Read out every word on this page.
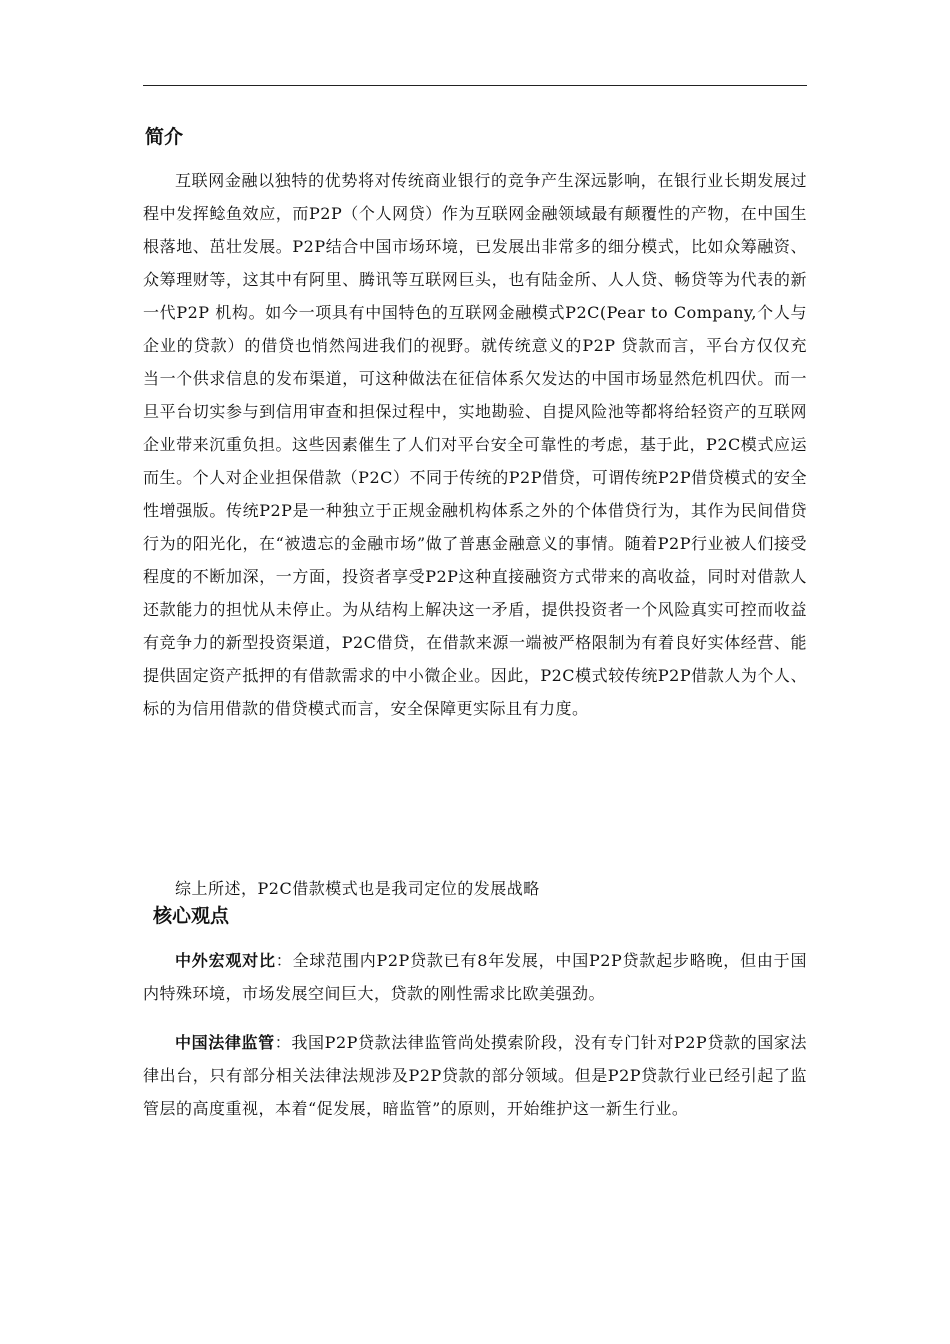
简介

互联网金融以独特的优势将对传统商业银行的竞争产生深远影响，在银行业长期发展过程中发挥鲶鱼效应，而P2P（个人网贷）作为互联网金融领域最有颠覆性的产物，在中国生根落地、茁壮发展。P2P结合中国市场环境，已发展出非常多的细分模式，比如众筹融资、众筹理财等，这其中有阿里、腾讯等互联网巨头，也有陆金所、人人贷、畅贷等为代表的新一代P2P 机构。如今一项具有中国特色的互联网金融模式P2C(Pear to Company,个人与企业的贷款）的借贷也悄然闯进我们的视野。就传统意义的P2P 贷款而言，平台方仅仅充当一个供求信息的发布渠道，可这种做法在征信体系欠发达的中国市场显然危机四伏。而一旦平台切实参与到信用审查和担保过程中，实地勘验、自提风险池等都将给轻资产的互联网企业带来沉重负担。这些因素催生了人们对平台安全可靠性的考虑，基于此，P2C模式应运而生。个人对企业担保借款（P2C）不同于传统的P2P借贷，可谓传统P2P借贷模式的安全性增强版。传统P2P是一种独立于正规金融机构体系之外的个体借贷行为，其作为民间借贷行为的阳光化，在“被遗忘的金融市场”做了普惠金融意义的事情。随着P2P行业被人们接受程度的不断加深，一方面，投资者享受P2P这种直接融资方式带来的高收益，同时对借款人还款能力的担忧从未停止。为从结构上解决这一矛盾，提供投资者一个风险真实可控而收益有竞争力的新型投资渠道，P2C借贷，在借款来源一端被严格限制为有着良好实体经营、能提供固定资产抵押的有借款需求的中小微企业。因此，P2C模式较传统P2P借款人为个人、标的为信用借款的借贷模式而言，安全保障更实际且有力度。

综上所述，P2C借款模式也是我司定位的发展战略

核心观点

中外宏观对比：全球范围内P2P贷款已有8年发展，中国P2P贷款起步略晚，但由于国内特殊环境，市场发展空间巨大，贷款的刚性需求比欧美强劲。

中国法律监管：我国P2P贷款法律监管尚处摸索阶段，没有专门针对P2P贷款的国家法律出台，只有部分相关法律法规涉及P2P贷款的部分领域。但是P2P贷款行业已经引起了监管层的高度重视，本着“促发展，暗监管”的原则，开始维护这一新生行业。
